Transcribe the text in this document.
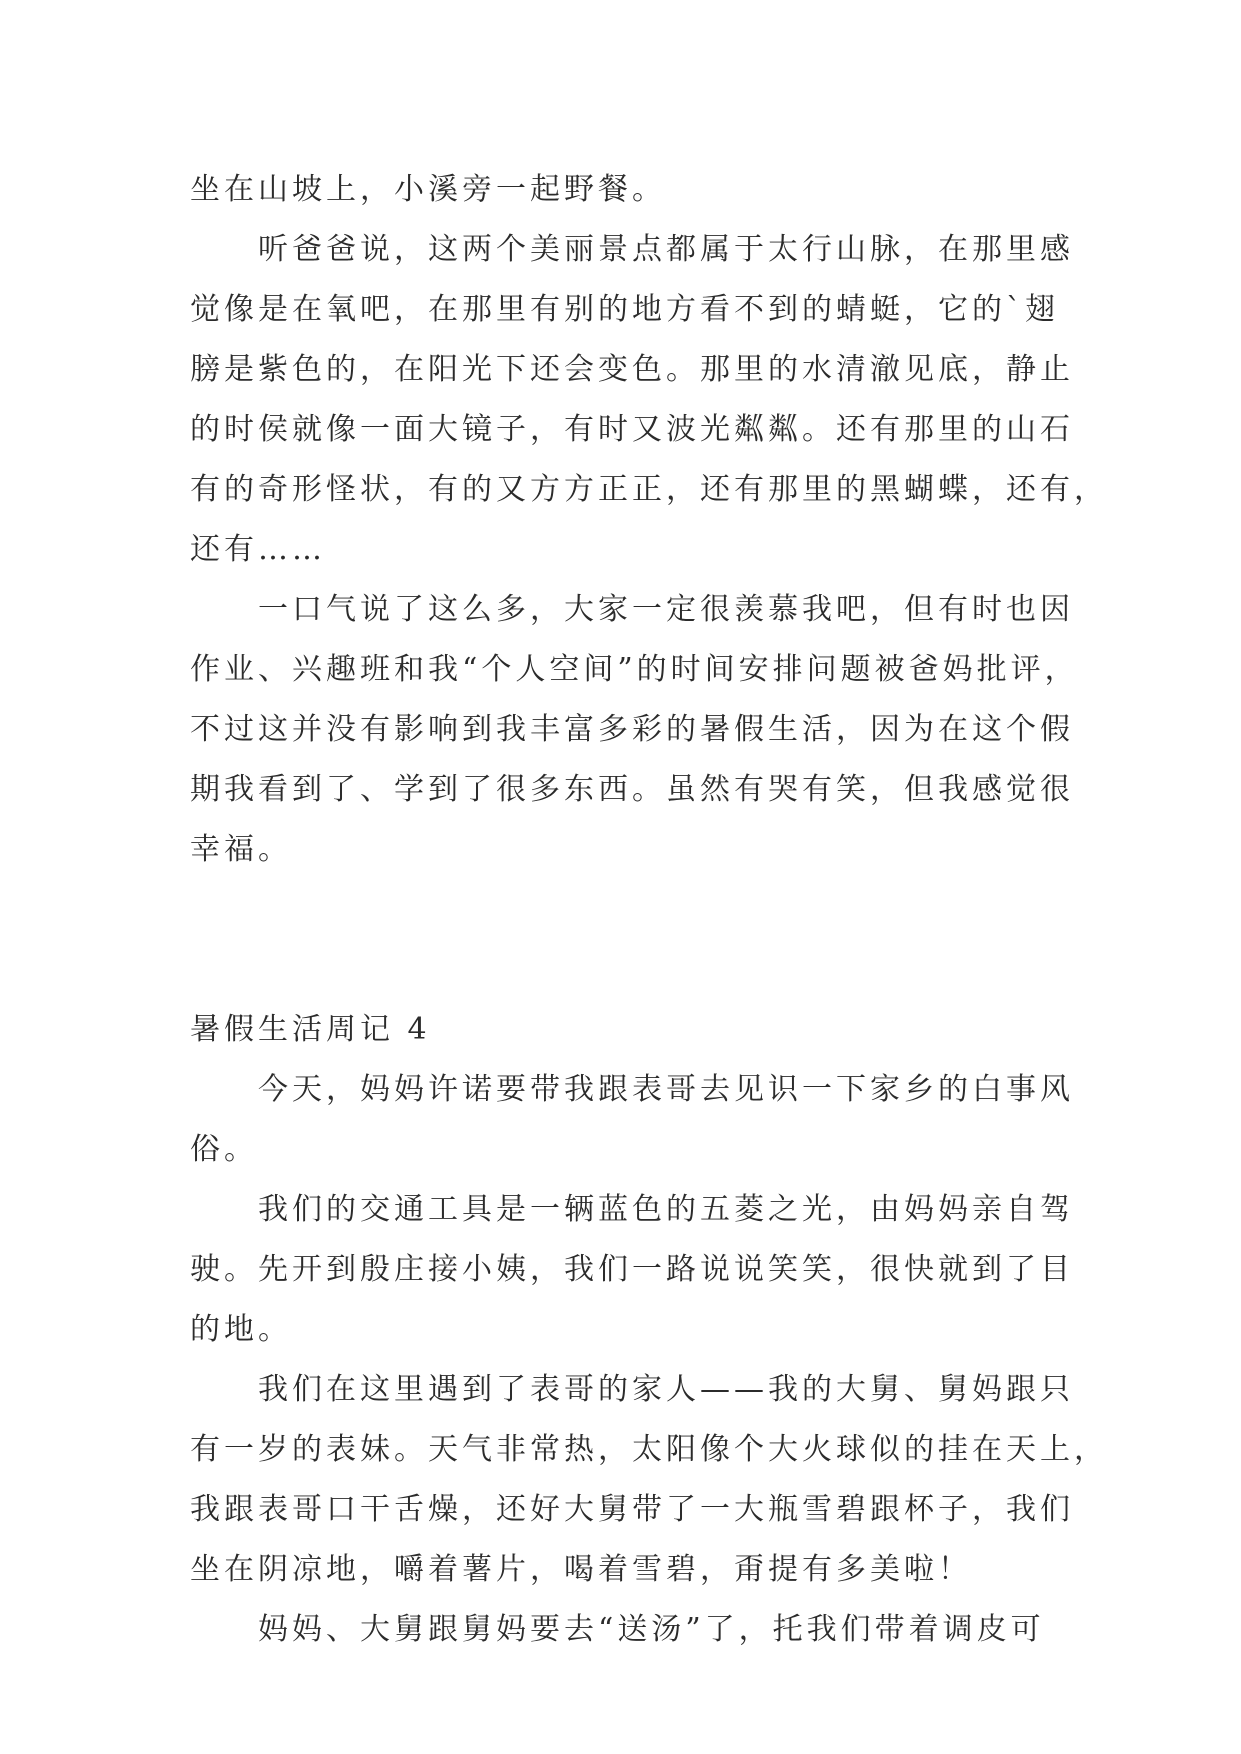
坐在山坡上，小溪旁一起野餐。
　　听爸爸说，这两个美丽景点都属于太行山脉，在那里感
觉像是在氧吧，在那里有别的地方看不到的蜻蜓，它的`翅
膀是紫色的，在阳光下还会变色。那里的水清澈见底，静止
的时侯就像一面大镜子，有时又波光粼粼。还有那里的山石
有的奇形怪状，有的又方方正正，还有那里的黑蝴蝶，还有，
还有……
　　一口气说了这么多，大家一定很羡慕我吧，但有时也因
作业、兴趣班和我“个人空间”的时间安排问题被爸妈批评，
不过这并没有影响到我丰富多彩的暑假生活，因为在这个假
期我看到了、学到了很多东西。虽然有哭有笑，但我感觉很
幸福。
暑假生活周记 4
　　今天，妈妈许诺要带我跟表哥去见识一下家乡的白事风
俗。
　　我们的交通工具是一辆蓝色的五菱之光，由妈妈亲自驾
驶。先开到殷庄接小姨，我们一路说说笑笑，很快就到了目
的地。
　　我们在这里遇到了表哥的家人——我的大舅、舅妈跟只
有一岁的表妹。天气非常热，太阳像个大火球似的挂在天上，
我跟表哥口干舌燥，还好大舅带了一大瓶雪碧跟杯子，我们
坐在阴凉地，嚼着薯片，喝着雪碧，甭提有多美啦！
　　妈妈、大舅跟舅妈要去“送汤”了，托我们带着调皮可
